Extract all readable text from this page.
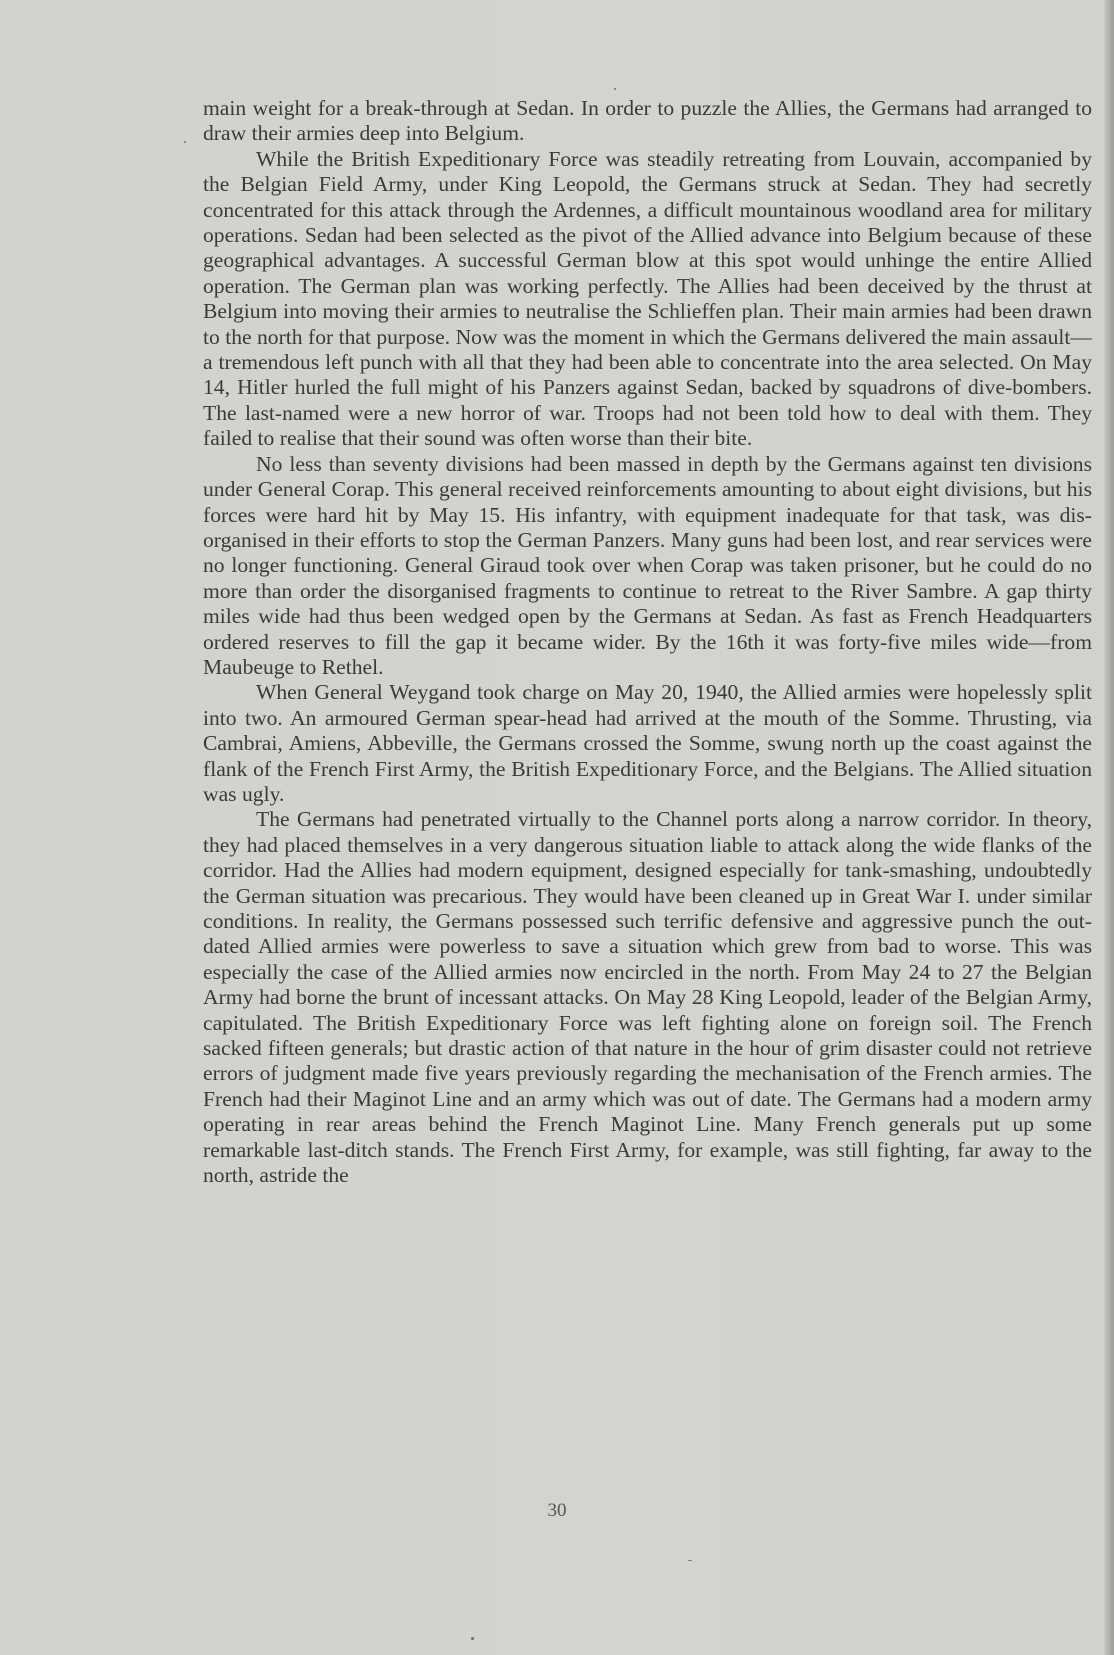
main weight for a break-through at Sedan. In order to puzzle the Allies, the Germans had arranged to draw their armies deep into Belgium.

While the British Expeditionary Force was steadily retreating from Louvain, accompanied by the Belgian Field Army, under King Leopold, the Germans struck at Sedan. They had secretly concentrated for this attack through the Ardennes, a difficult mountainous woodland area for military operations. Sedan had been selected as the pivot of the Allied advance into Belgium because of these geographical advantages. A successful German blow at this spot would unhinge the entire Allied operation. The German plan was working perfectly. The Allies had been deceived by the thrust at Belgium into moving their armies to neutralise the Schlieffen plan. Their main armies had been drawn to the north for that purpose. Now was the moment in which the Germans delivered the main assault—a tremendous left punch with all that they had been able to concentrate into the area selected. On May 14, Hitler hurled the full might of his Panzers against Sedan, backed by squadrons of dive-bombers. The last-named were a new horror of war. Troops had not been told how to deal with them. They failed to realise that their sound was often worse than their bite.

No less than seventy divisions had been massed in depth by the Germans against ten divisions under General Corap. This general received reinforcements amounting to about eight divisions, but his forces were hard hit by May 15. His infantry, with equipment inadequate for that task, was disorganised in their efforts to stop the German Panzers. Many guns had been lost, and rear services were no longer functioning. General Giraud took over when Corap was taken prisoner, but he could do no more than order the disorganised fragments to continue to retreat to the River Sambre. A gap thirty miles wide had thus been wedged open by the Germans at Sedan. As fast as French Headquarters ordered reserves to fill the gap it became wider. By the 16th it was forty-five miles wide—from Maubeuge to Rethel.

When General Weygand took charge on May 20, 1940, the Allied armies were hopelessly split into two. An armoured German spear-head had arrived at the mouth of the Somme. Thrusting, via Cambrai, Amiens, Abbeville, the Germans crossed the Somme, swung north up the coast against the flank of the French First Army, the British Expeditionary Force, and the Belgians. The Allied situation was ugly.

The Germans had penetrated virtually to the Channel ports along a narrow corridor. In theory, they had placed themselves in a very dangerous situation liable to attack along the wide flanks of the corridor. Had the Allies had modern equipment, designed especially for tank-smashing, undoubtedly the German situation was precarious. They would have been cleaned up in Great War I. under similar conditions. In reality, the Germans possessed such terrific defensive and aggressive punch the out-dated Allied armies were powerless to save a situation which grew from bad to worse. This was especially the case of the Allied armies now encircled in the north. From May 24 to 27 the Belgian Army had borne the brunt of incessant attacks. On May 28 King Leopold, leader of the Belgian Army, capitulated. The British Expeditionary Force was left fighting alone on foreign soil. The French sacked fifteen generals; but drastic action of that nature in the hour of grim disaster could not retrieve errors of judgment made five years previously regarding the mechanisation of the French armies. The French had their Maginot Line and an army which was out of date. The Germans had a modern army operating in rear areas behind the French Maginot Line. Many French generals put up some remarkable last-ditch stands. The French First Army, for example, was still fighting, far away to the north, astride the

30
